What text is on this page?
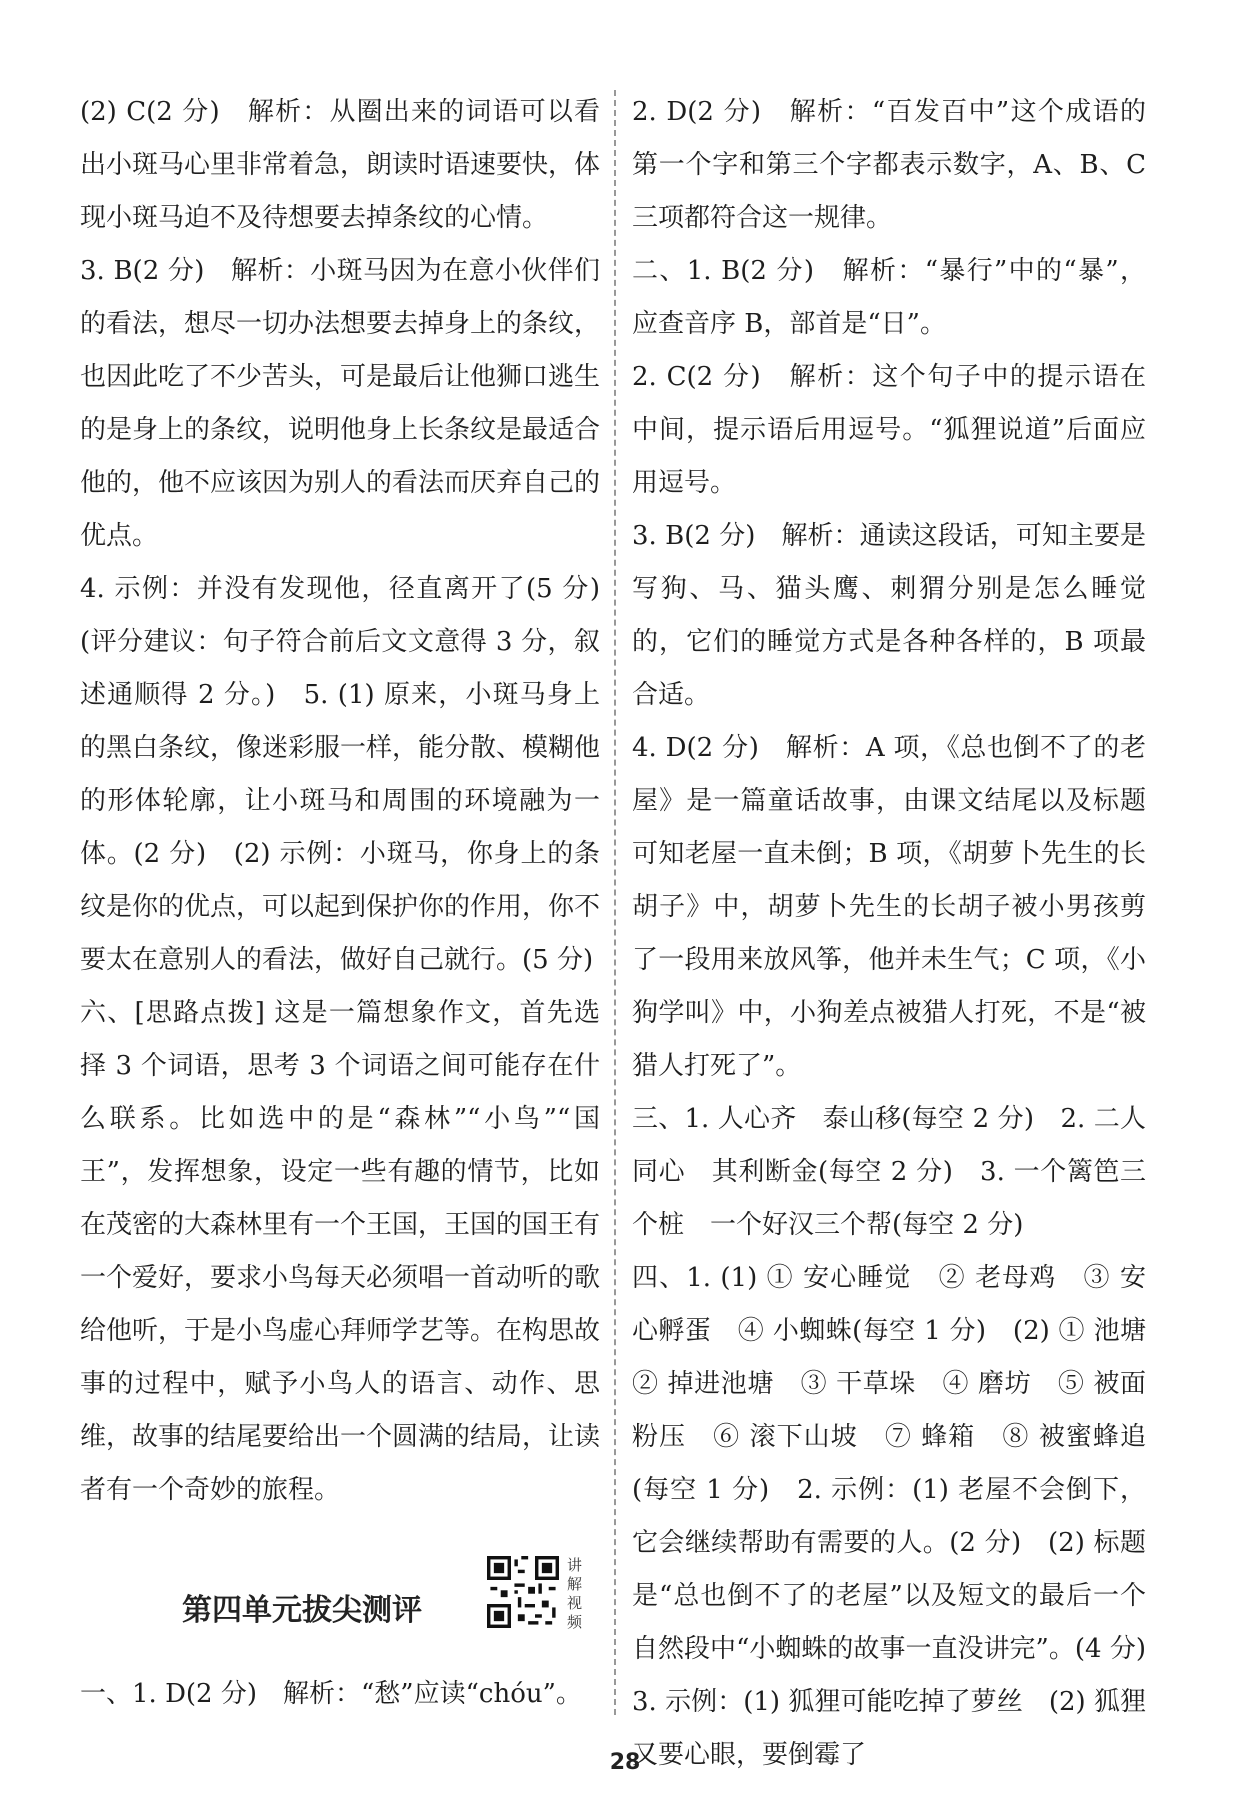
(2) C(2 分)　解析：从圈出来的词语可以看出小斑马心里非常着急，朗读时语速要快，体现小斑马迫不及待想要去掉条纹的心情。

3. B(2 分)　解析：小斑马因为在意小伙伴们的看法，想尽一切办法想要去掉身上的条纹，也因此吃了不少苦头，可是最后让他狮口逃生的是身上的条纹，说明他身上长条纹是最适合他的，他不应该因为别人的看法而厌弃自己的优点。

4. 示例：并没有发现他，径直离开了(5 分)(评分建议：句子符合前后文文意得 3 分，叙述通顺得 2 分。)　5. (1) 原来，小斑马身上的黑白条纹，像迷彩服一样，能分散、模糊他的形体轮廓，让小斑马和周围的环境融为一体。(2 分)　(2) 示例：小斑马，你身上的条纹是你的优点，可以起到保护你的作用，你不要太在意别人的看法，做好自己就行。(5 分)

六、[思路点拨] 这是一篇想象作文，首先选择 3 个词语，思考 3 个词语之间可能存在什么联系。比如选中的是“森林”“小鸟”“国王”，发挥想象，设定一些有趣的情节，比如在茂密的大森林里有一个王国，王国的国王有一个爱好，要求小鸟每天必须唱一首动听的歌给他听，于是小鸟虚心拜师学艺等。在构思故事的过程中，赋予小鸟人的语言、动作、思维，故事的结尾要给出一个圆满的结局，让读者有一个奇妙的旅程。

第四单元拔尖测评
讲解视频
一、1. D(2 分)　解析：“愁”应读“chóu”。

2. D(2 分)　解析：“百发百中”这个成语的第一个字和第三个字都表示数字，A、B、C 三项都符合这一规律。

二、1. B(2 分)　解析：“暴行”中的“暴”，应查音序 B，部首是“日”。

2. C(2 分)　解析：这个句子中的提示语在中间，提示语后用逗号。“狐狸说道”后面应用逗号。

3. B(2 分)　解析：通读这段话，可知主要是写狗、马、猫头鹰、刺猬分别是怎么睡觉的，它们的睡觉方式是各种各样的，B 项最合适。

4. D(2 分)　解析：A 项，《总也倒不了的老屋》是一篇童话故事，由课文结尾以及标题可知老屋一直未倒；B 项，《胡萝卜先生的长胡子》中，胡萝卜先生的长胡子被小男孩剪了一段用来放风筝，他并未生气；C 项，《小狗学叫》中，小狗差点被猎人打死，不是“被猎人打死了”。

三、1. 人心齐　泰山移(每空 2 分)　2. 二人同心　其利断金(每空 2 分)　3. 一个篱笆三个桩　一个好汉三个帮(每空 2 分)

四、1. (1) ① 安心睡觉　② 老母鸡　③ 安心孵蛋　④ 小蜘蛛(每空 1 分)　(2) ① 池塘　② 掉进池塘　③ 干草垛　④ 磨坊　⑤ 被面粉压　⑥ 滚下山坡　⑦ 蜂箱　⑧ 被蜜蜂追(每空 1 分)　2. 示例：(1) 老屋不会倒下，它会继续帮助有需要的人。(2 分)　(2) 标题是“总也倒不了的老屋”以及短文的最后一个自然段中“小蜘蛛的故事一直没讲完”。(4 分)　3. 示例：(1) 狐狸可能吃掉了萝丝　(2) 狐狸又要心眼，要倒霉了

28
